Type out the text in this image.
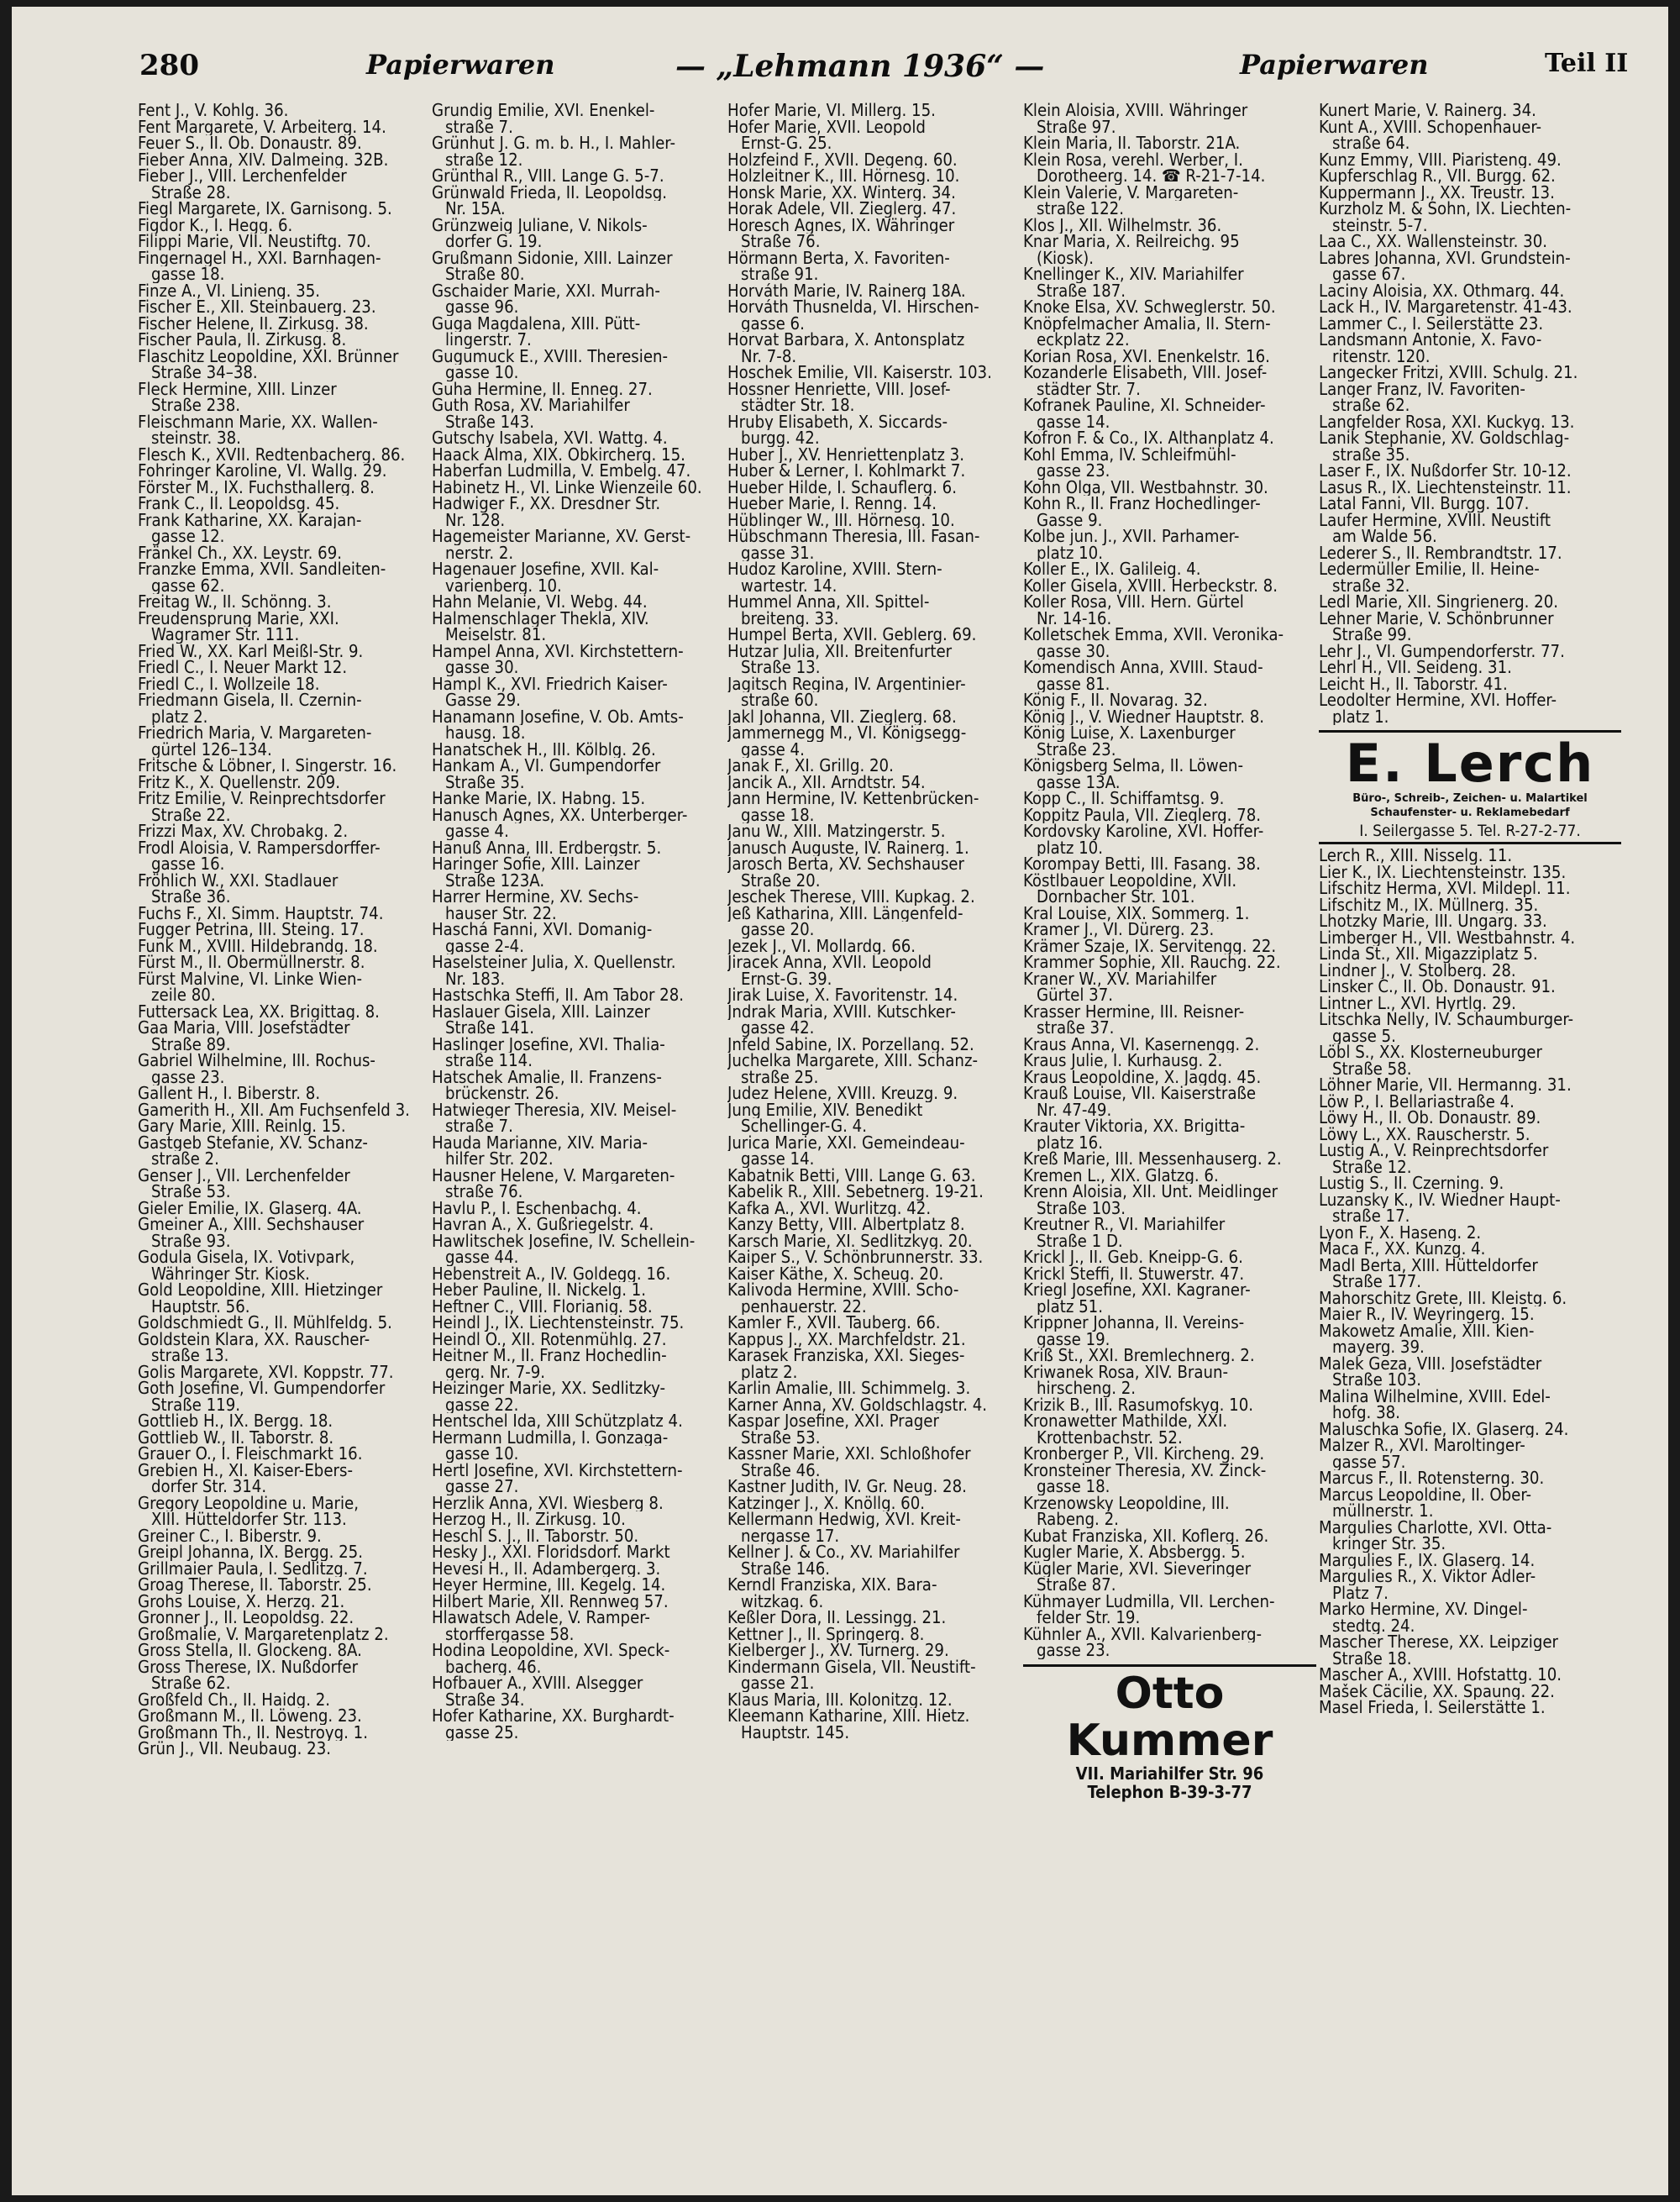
280	Papierwaren	— „Lehmann 1936“ —	Papierwaren	Teil II
Fent J., V. Kohlg. 36.
Fent Margarete, V. Arbeiterg. 14.
Feuer S., II. Ob. Donaustr. 89.
Fieber Anna, XIV. Dalmeing. 32B.
Fieber J., VIII. Lerchenfelder
Straße 28.
Fiegl Margarete, IX. Garnisong. 5.
Figdor K., I. Hegg. 6.
Filippi Marie, VII. Neustiftg. 70.
Fingernagel H., XXI. Barnhagen-
gasse 18.
Finze A., VI. Linieng. 35.
Fischer E., XII. Steinbauerg. 23.
Fischer Helene, II. Zirkusg. 38.
Fischer Paula, II. Zirkusg. 8.
Flaschitz Leopoldine, XXI. Brünner
Straße 34–38.
Fleck Hermine, XIII. Linzer
Straße 238.
Fleischmann Marie, XX. Wallen-
steinstr. 38.
Flesch K., XVII. Redtenbacherg. 86.
Fohringer Karoline, VI. Wallg. 29.
Förster M., IX. Fuchsthallerg. 8.
Frank C., II. Leopoldsg. 45.
Frank Katharine, XX. Karajan-
gasse 12.
Fränkel Ch., XX. Leystr. 69.
Franzke Emma, XVII. Sandleiten-
gasse 62.
Freitag W., II. Schönng. 3.
Freudensprung Marie, XXI.
Wagramer Str. 111.
Fried W., XX. Karl Meißl-Str. 9.
Friedl C., I. Neuer Markt 12.
Friedl C., I. Wollzeile 18.
Friedmann Gisela, II. Czernin-
platz 2.
Friedrich Maria, V. Margareten-
gürtel 126–134.
Fritsche & Löbner, I. Singerstr. 16.
Fritz K., X. Quellenstr. 209.
Fritz Emilie, V. Reinprechtsdorfer
Straße 22.
Frizzi Max, XV. Chrobakg. 2.
Frodl Aloisia, V. Rampersdorffer-
gasse 16.
Fröhlich W., XXI. Stadlauer
Straße 36.
Fuchs F., XI. Simm. Hauptstr. 74.
Fugger Petrina, III. Steing. 17.
Funk M., XVIII. Hildebrandg. 18.
Fürst M., II. Obermüllnerstr. 8.
Fürst Malvine, VI. Linke Wien-
zeile 80.
Futtersack Lea, XX. Brigittag. 8.
Gaa Maria, VIII. Josefstädter
Straße 89.
Gabriel Wilhelmine, III. Rochus-
gasse 23.
Gallent H., I. Biberstr. 8.
Gamerith H., XII. Am Fuchsenfeld 3.
Gary Marie, XIII. Reinlg. 15.
Gastgeb Stefanie, XV. Schanz-
straße 2.
Genser J., VII. Lerchenfelder
Straße 53.
Gieler Emilie, IX. Glaserg. 4A.
Gmeiner A., XIII. Sechshauser
Straße 93.
Godula Gisela, IX. Votivpark,
Währinger Str. Kiosk.
Gold Leopoldine, XIII. Hietzinger
Hauptstr. 56.
Goldschmiedt G., II. Mühlfeldg. 5.
Goldstein Klara, XX. Rauscher-
straße 13.
Golis Margarete, XVI. Koppstr. 77.
Goth Josefine, VI. Gumpendorfer
Straße 119.
Gottlieb H., IX. Bergg. 18.
Gottlieb W., II. Taborstr. 8.
Grauer O., I. Fleischmarkt 16.
Grebien H., XI. Kaiser-Ebers-
dorfer Str. 314.
Gregory Leopoldine u. Marie,
XIII. Hütteldorfer Str. 113.
Greiner C., I. Biberstr. 9.
Greipl Johanna, IX. Bergg. 25.
Grillmaier Paula, I. Sedlitzg. 7.
Groag Therese, II. Taborstr. 25.
Grohs Louise, X. Herzg. 21.
Gronner J., II. Leopoldsg. 22.
Großmalie, V. Margaretenplatz 2.
Gross Stella, II. Glockeng. 8A.
Gross Therese, IX. Nußdorfer
Straße 62.
Großfeld Ch., II. Haidg. 2.
Großmann M., II. Löweng. 23.
Großmann Th., II. Nestroyg. 1.
Grün J., VII. Neubaug. 23.
Grundig Emilie, XVI. Enenkel-
straße 7.
Grünhut J. G. m. b. H., I. Mahler-
straße 12.
Grünthal R., VIII. Lange G. 5-7.
Grünwald Frieda, II. Leopoldsg.
Nr. 15A.
Grünzweig Juliane, V. Nikols-
dorfer G. 19.
Grußmann Sidonie, XIII. Lainzer
Straße 80.
Gschaider Marie, XXI. Murrah-
gasse 96.
Guga Magdalena, XIII. Pütt-
lingerstr. 7.
Gugumuck E., XVIII. Theresien-
gasse 10.
Guha Hermine, II. Enneg. 27.
Guth Rosa, XV. Mariahilfer
Straße 143.
Gutschy Isabela, XVI. Wattg. 4.
Haack Alma, XIX. Obkircherg. 15.
Haberfan Ludmilla, V. Embelg. 47.
Habinetz H., VI. Linke Wienzeile 60.
Hadwiger F., XX. Dresdner Str.
Nr. 128.
Hagemeister Marianne, XV. Gerst-
nerstr. 2.
Hagenauer Josefine, XVII. Kal-
varienberg. 10.
Hahn Melanie, VI. Webg. 44.
Halmenschlager Thekla, XIV.
Meiselstr. 81.
Hampel Anna, XVI. Kirchstettern-
gasse 30.
Hampl K., XVI. Friedrich Kaiser-
Gasse 29.
Hanamann Josefine, V. Ob. Amts-
hausg. 18.
Hanatschek H., III. Kölblg. 26.
Hankam A., VI. Gumpendorfer
Straße 35.
Hanke Marie, IX. Habng. 15.
Hanusch Agnes, XX. Unterberger-
gasse 4.
Hanuß Anna, III. Erdbergstr. 5.
Haringer Sofie, XIII. Lainzer
Straße 123A.
Harrer Hermine, XV. Sechs-
hauser Str. 22.
Haschá Fanni, XVI. Domanig-
gasse 2-4.
Haselsteiner Julia, X. Quellenstr.
Nr. 183.
Hastschka Steffi, II. Am Tabor 28.
Haslauer Gisela, XIII. Lainzer
Straße 141.
Haslinger Josefine, XVI. Thalia-
straße 114.
Hatschek Amalie, II. Franzens-
brückenstr. 26.
Hatwieger Theresia, XIV. Meisel-
straße 7.
Hauda Marianne, XIV. Maria-
hilfer Str. 202.
Hausner Helene, V. Margareten-
straße 76.
Havlu P., I. Eschenbachg. 4.
Havran A., X. Gußriegelstr. 4.
Hawlitschek Josefine, IV. Schellein-
gasse 44.
Hebenstreit A., IV. Goldegg. 16.
Heber Pauline, II. Nickelg. 1.
Heftner C., VIII. Florianig. 58.
Heindl J., IX. Liechtensteinstr. 75.
Heindl O., XII. Rotenmühlg. 27.
Heitner M., II. Franz Hochedlin-
gerg. Nr. 7-9.
Heizinger Marie, XX. Sedlitzky-
gasse 22.
Hentschel Ida, XIII Schützplatz 4.
Hermann Ludmilla, I. Gonzaga-
gasse 10.
Hertl Josefine, XVI. Kirchstettern-
gasse 27.
Herzlik Anna, XVI. Wiesberg 8.
Herzog H., II. Zirkusg. 10.
Heschl S. J., II. Taborstr. 50.
Hesky J., XXI. Floridsdorf. Markt
Hevesi H., II. Adambergerg. 3.
Heyer Hermine, III. Kegelg. 14.
Hilbert Marie, XII. Rennweg 57.
Hlawatsch Adele, V. Ramper-
storffergasse 58.
Hodina Leopoldine, XVI. Speck-
bacherg. 46.
Hofbauer A., XVIII. Alsegger
Straße 34.
Hofer Katharine, XX. Burghardt-
gasse 25.
Hofer Marie, VI. Millerg. 15.
Hofer Marie, XVII. Leopold
Ernst-G. 25.
Holzfeind F., XVII. Degeng. 60.
Holzleitner K., III. Hörnesg. 10.
Honsk Marie, XX. Winterg. 34.
Horak Adele, VII. Zieglerg. 47.
Horesch Agnes, IX. Währinger
Straße 76.
Hörmann Berta, X. Favoriten-
straße 91.
Horváth Marie, IV. Rainerg 18A.
Horváth Thusnelda, VI. Hirschen-
gasse 6.
Horvat Barbara, X. Antonsplatz
Nr. 7-8.
Hoschek Emilie, VII. Kaiserstr. 103.
Hossner Henriette, VIII. Josef-
städter Str. 18.
Hruby Elisabeth, X. Siccards-
burgg. 42.
Huber J., XV. Henriettenplatz 3.
Huber & Lerner, I. Kohlmarkt 7.
Hueber Hilde, I. Schauflerg. 6.
Hueber Marie, I. Renng. 14.
Hüblinger W., III. Hörnesg. 10.
Hübschmann Theresia, III. Fasan-
gasse 31.
Hudoz Karoline, XVIII. Stern-
wartestr. 14.
Hummel Anna, XII. Spittel-
breiteng. 33.
Humpel Berta, XVII. Geblerg. 69.
Hutzar Julia, XII. Breitenfurter
Straße 13.
Jagitsch Regina, IV. Argentinier-
straße 60.
Jakl Johanna, VII. Zieglerg. 68.
Jammernegg M., VI. Königsegg-
gasse 4.
Janak F., XI. Grillg. 20.
Jancik A., XII. Arndtstr. 54.
Jann Hermine, IV. Kettenbrücken-
gasse 18.
Janu W., XIII. Matzingerstr. 5.
Janusch Auguste, IV. Rainerg. 1.
Jarosch Berta, XV. Sechshauser
Straße 20.
Jeschek Therese, VIII. Kupkag. 2.
Jeß Katharina, XIII. Längenfeld-
gasse 20.
Jezek J., VI. Mollardg. 66.
Jiracek Anna, XVII. Leopold
Ernst-G. 39.
Jirak Luise, X. Favoritenstr. 14.
Jndrak Maria, XVIII. Kutschker-
gasse 42.
Jnfeld Sabine, IX. Porzellang. 52.
Juchelka Margarete, XIII. Schanz-
straße 25.
Judez Helene, XVIII. Kreuzg. 9.
Jung Emilie, XIV. Benedikt
Schellinger-G. 4.
Jurica Marie, XXI. Gemeindeau-
gasse 14.
Kabatnik Betti, VIII. Lange G. 63.
Kabelik R., XIII. Sebetnerg. 19-21.
Kafka A., XVI. Wurlitzg. 42.
Kanzy Betty, VIII. Albertplatz 8.
Karsch Marie, XI. Sedlitzkyg. 20.
Kaiper S., V. Schönbrunnerstr. 33.
Kaiser Käthe, X. Scheug. 20.
Kalivoda Hermine, XVIII. Scho-
penhauerstr. 22.
Kamler F., XVII. Tauberg. 66.
Kappus J., XX. Marchfeldstr. 21.
Karasek Franziska, XXI. Sieges-
platz 2.
Karlin Amalie, III. Schimmelg. 3.
Karner Anna, XV. Goldschlagstr. 4.
Kaspar Josefine, XXI. Prager
Straße 53.
Kassner Marie, XXI. Schloßhofer
Straße 46.
Kastner Judith, IV. Gr. Neug. 28.
Katzinger J., X. Knöllg. 60.
Kellermann Hedwig, XVI. Kreit-
nergasse 17.
Kellner J. & Co., XV. Mariahilfer
Straße 146.
Kerndl Franziska, XIX. Bara-
witzkag. 6.
Keßler Dora, II. Lessingg. 21.
Kettner J., II. Springerg. 8.
Kielberger J., XV. Turnerg. 29.
Kindermann Gisela, VII. Neustift-
gasse 21.
Klaus Maria, III. Kolonitzg. 12.
Kleemann Katharine, XIII. Hietz.
Hauptstr. 145.
Klein Aloisia, XVIII. Währinger
Straße 97.
Klein Maria, II. Taborstr. 21A.
Klein Rosa, verehl. Werber, I.
Dorotheerg. 14. ☎ R-21-7-14.
Klein Valerie, V. Margareten-
straße 122.
Klos J., XII. Wilhelmstr. 36.
Knar Maria, X. Reilreichg. 95
(Kiosk).
Knellinger K., XIV. Mariahilfer
Straße 187.
Knoke Elsa, XV. Schweglerstr. 50.
Knöpfelmacher Amalia, II. Stern-
eckplatz 22.
Korian Rosa, XVI. Enenkelstr. 16.
Kozanderle Elisabeth, VIII. Josef-
städter Str. 7.
Kofranek Pauline, XI. Schneider-
gasse 14.
Kofron F. & Co., IX. Althanplatz 4.
Kohl Emma, IV. Schleifmühl-
gasse 23.
Kohn Olga, VII. Westbahnstr. 30.
Kohn R., II. Franz Hochedlinger-
Gasse 9.
Kolbe jun. J., XVII. Parhamer-
platz 10.
Koller E., IX. Galileig. 4.
Koller Gisela, XVIII. Herbeckstr. 8.
Koller Rosa, VIII. Hern. Gürtel
Nr. 14-16.
Kolletschek Emma, XVII. Veronika-
gasse 30.
Komendisch Anna, XVIII. Staud-
gasse 81.
König F., II. Novarag. 32.
König J., V. Wiedner Hauptstr. 8.
König Luise, X. Laxenburger
Straße 23.
Königsberg Selma, II. Löwen-
gasse 13A.
Kopp C., II. Schiffamtsg. 9.
Koppitz Paula, VII. Zieglerg. 78.
Kordovsky Karoline, XVI. Hoffer-
platz 10.
Korompay Betti, III. Fasang. 38.
Köstlbauer Leopoldine, XVII.
Dornbacher Str. 101.
Kral Louise, XIX. Sommerg. 1.
Kramer J., VI. Dürerg. 23.
Krämer Szaje, IX. Servitengg. 22.
Krammer Sophie, XII. Rauchg. 22.
Kraner W., XV. Mariahilfer
Gürtel 37.
Krasser Hermine, III. Reisner-
straße 37.
Kraus Anna, VI. Kasernengg. 2.
Kraus Julie, I. Kurhausg. 2.
Kraus Leopoldine, X. Jagdg. 45.
Krauß Louise, VII. Kaiserstraße
Nr. 47-49.
Krauter Viktoria, XX. Brigitta-
platz 16.
Kreß Marie, III. Messenhauserg. 2.
Kremen L., XIX. Glatzg. 6.
Krenn Aloisia, XII. Unt. Meidlinger
Straße 103.
Kreutner R., VI. Mariahilfer
Straße 1 D.
Krickl J., II. Geb. Kneipp-G. 6.
Krickl Steffi, II. Stuwerstr. 47.
Kriegl Josefine, XXI. Kagraner-
platz 51.
Krippner Johanna, II. Vereins-
gasse 19.
Kriß St., XXI. Bremlechnerg. 2.
Kriwanek Rosa, XIV. Braun-
hirscheng. 2.
Krizik B., III. Rasumofskyg. 10.
Kronawetter Mathilde, XXI.
Krottenbachstr. 52.
Kronberger P., VII. Kircheng. 29.
Kronsteiner Theresia, XV. Zinck-
gasse 18.
Krzenowsky Leopoldine, III.
Rabeng. 2.
Kubat Franziska, XII. Koflerg. 26.
Kugler Marie, X. Absbergg. 5.
Kügler Marie, XVI. Sieveringer
Straße 87.
Kühmayer Ludmilla, VII. Lerchen-
felder Str. 19.
Kühnler A., XVII. Kalvarienberg-
gasse 23.
Otto Kummer
VII. Mariahilfer Str. 96
Telephon B-39-3-77
Kunert Marie, V. Rainerg. 34.
Kunt A., XVIII. Schopenhauer-
straße 64.
Kunz Emmy, VIII. Piaristeng. 49.
Kupferschlag R., VII. Burgg. 62.
Kuppermann J., XX. Treustr. 13.
Kurzholz M. & Sohn, IX. Liechten-
steinstr. 5-7.
Laa C., XX. Wallensteinstr. 30.
Labres Johanna, XVI. Grundstein-
gasse 67.
Laciny Aloisia, XX. Othmarg. 44.
Lack H., IV. Margaretenstr. 41-43.
Lammer C., I. Seilerstätte 23.
Landsmann Antonie, X. Favo-
ritenstr. 120.
Langecker Fritzi, XVIII. Schulg. 21.
Langer Franz, IV. Favoriten-
straße 62.
Langfelder Rosa, XXI. Kuckyg. 13.
Lanik Stephanie, XV. Goldschlag-
straße 35.
Laser F., IX. Nußdorfer Str. 10-12.
Lasus R., IX. Liechtensteinstr. 11.
Latal Fanni, VII. Burgg. 107.
Laufer Hermine, XVIII. Neustift
am Walde 56.
Lederer S., II. Rembrandtstr. 17.
Ledermüller Emilie, II. Heine-
straße 32.
Ledl Marie, XII. Singrienerg. 20.
Lehner Marie, V. Schönbrunner
Straße 99.
Lehr J., VI. Gumpendorferstr. 77.
Lehrl H., VII. Seideng. 31.
Leicht H., II. Taborstr. 41.
Leodolter Hermine, XVI. Hoffer-
platz 1.
E. Lerch
Büro-, Schreib-, Zeichen- u. Malartikel
Schaufenster- u. Reklamebedarf
I. Seilergasse 5. Tel. R-27-2-77.
Lerch R., XIII. Nisselg. 11.
Lier K., IX. Liechtensteinstr. 135.
Lifschitz Herma, XVI. Mildepl. 11.
Lifschitz M., IX. Müllnerg. 35.
Lhotzky Marie, III. Ungarg. 33.
Limberger H., VII. Westbahnstr. 4.
Linda St., XII. Migazziplatz 5.
Lindner J., V. Stolberg. 28.
Linsker C., II. Ob. Donaustr. 91.
Lintner L., XVI. Hyrtlg. 29.
Litschka Nelly, IV. Schaumburger-
gasse 5.
Löbl S., XX. Klosterneuburger
Straße 58.
Löhner Marie, VII. Hermanng. 31.
Löw P., I. Bellariastraße 4.
Löwy H., II. Ob. Donaustr. 89.
Löwy L., XX. Rauscherstr. 5.
Lustig A., V. Reinprechtsdorfer
Straße 12.
Lustig S., II. Czerning. 9.
Luzansky K., IV. Wiedner Haupt-
straße 17.
Lyon F., X. Haseng. 2.
Maca F., XX. Kunzg. 4.
Madl Berta, XIII. Hütteldorfer
Straße 177.
Mahorschitz Grete, III. Kleistg. 6.
Maier R., IV. Weyringerg. 15.
Makowetz Amalie, XIII. Kien-
mayerg. 39.
Malek Geza, VIII. Josefstädter
Straße 103.
Malina Wilhelmine, XVIII. Edel-
hofg. 38.
Maluschka Sofie, IX. Glaserg. 24.
Malzer R., XVI. Maroltinger-
gasse 57.
Marcus F., II. Rotensterng. 30.
Marcus Leopoldine, II. Ober-
müllnerstr. 1.
Margulies Charlotte, XVI. Otta-
kringer Str. 35.
Margulies F., IX. Glaserg. 14.
Margulies R., X. Viktor Adler-
Platz 7.
Marko Hermine, XV. Dingel-
stedtg. 24.
Mascher Therese, XX. Leipziger
Straße 18.
Mascher A., XVIII. Hofstattg. 10.
Mašek Cäcilie, XX. Spaung. 22.
Masel Frieda, I. Seilerstätte 1.
